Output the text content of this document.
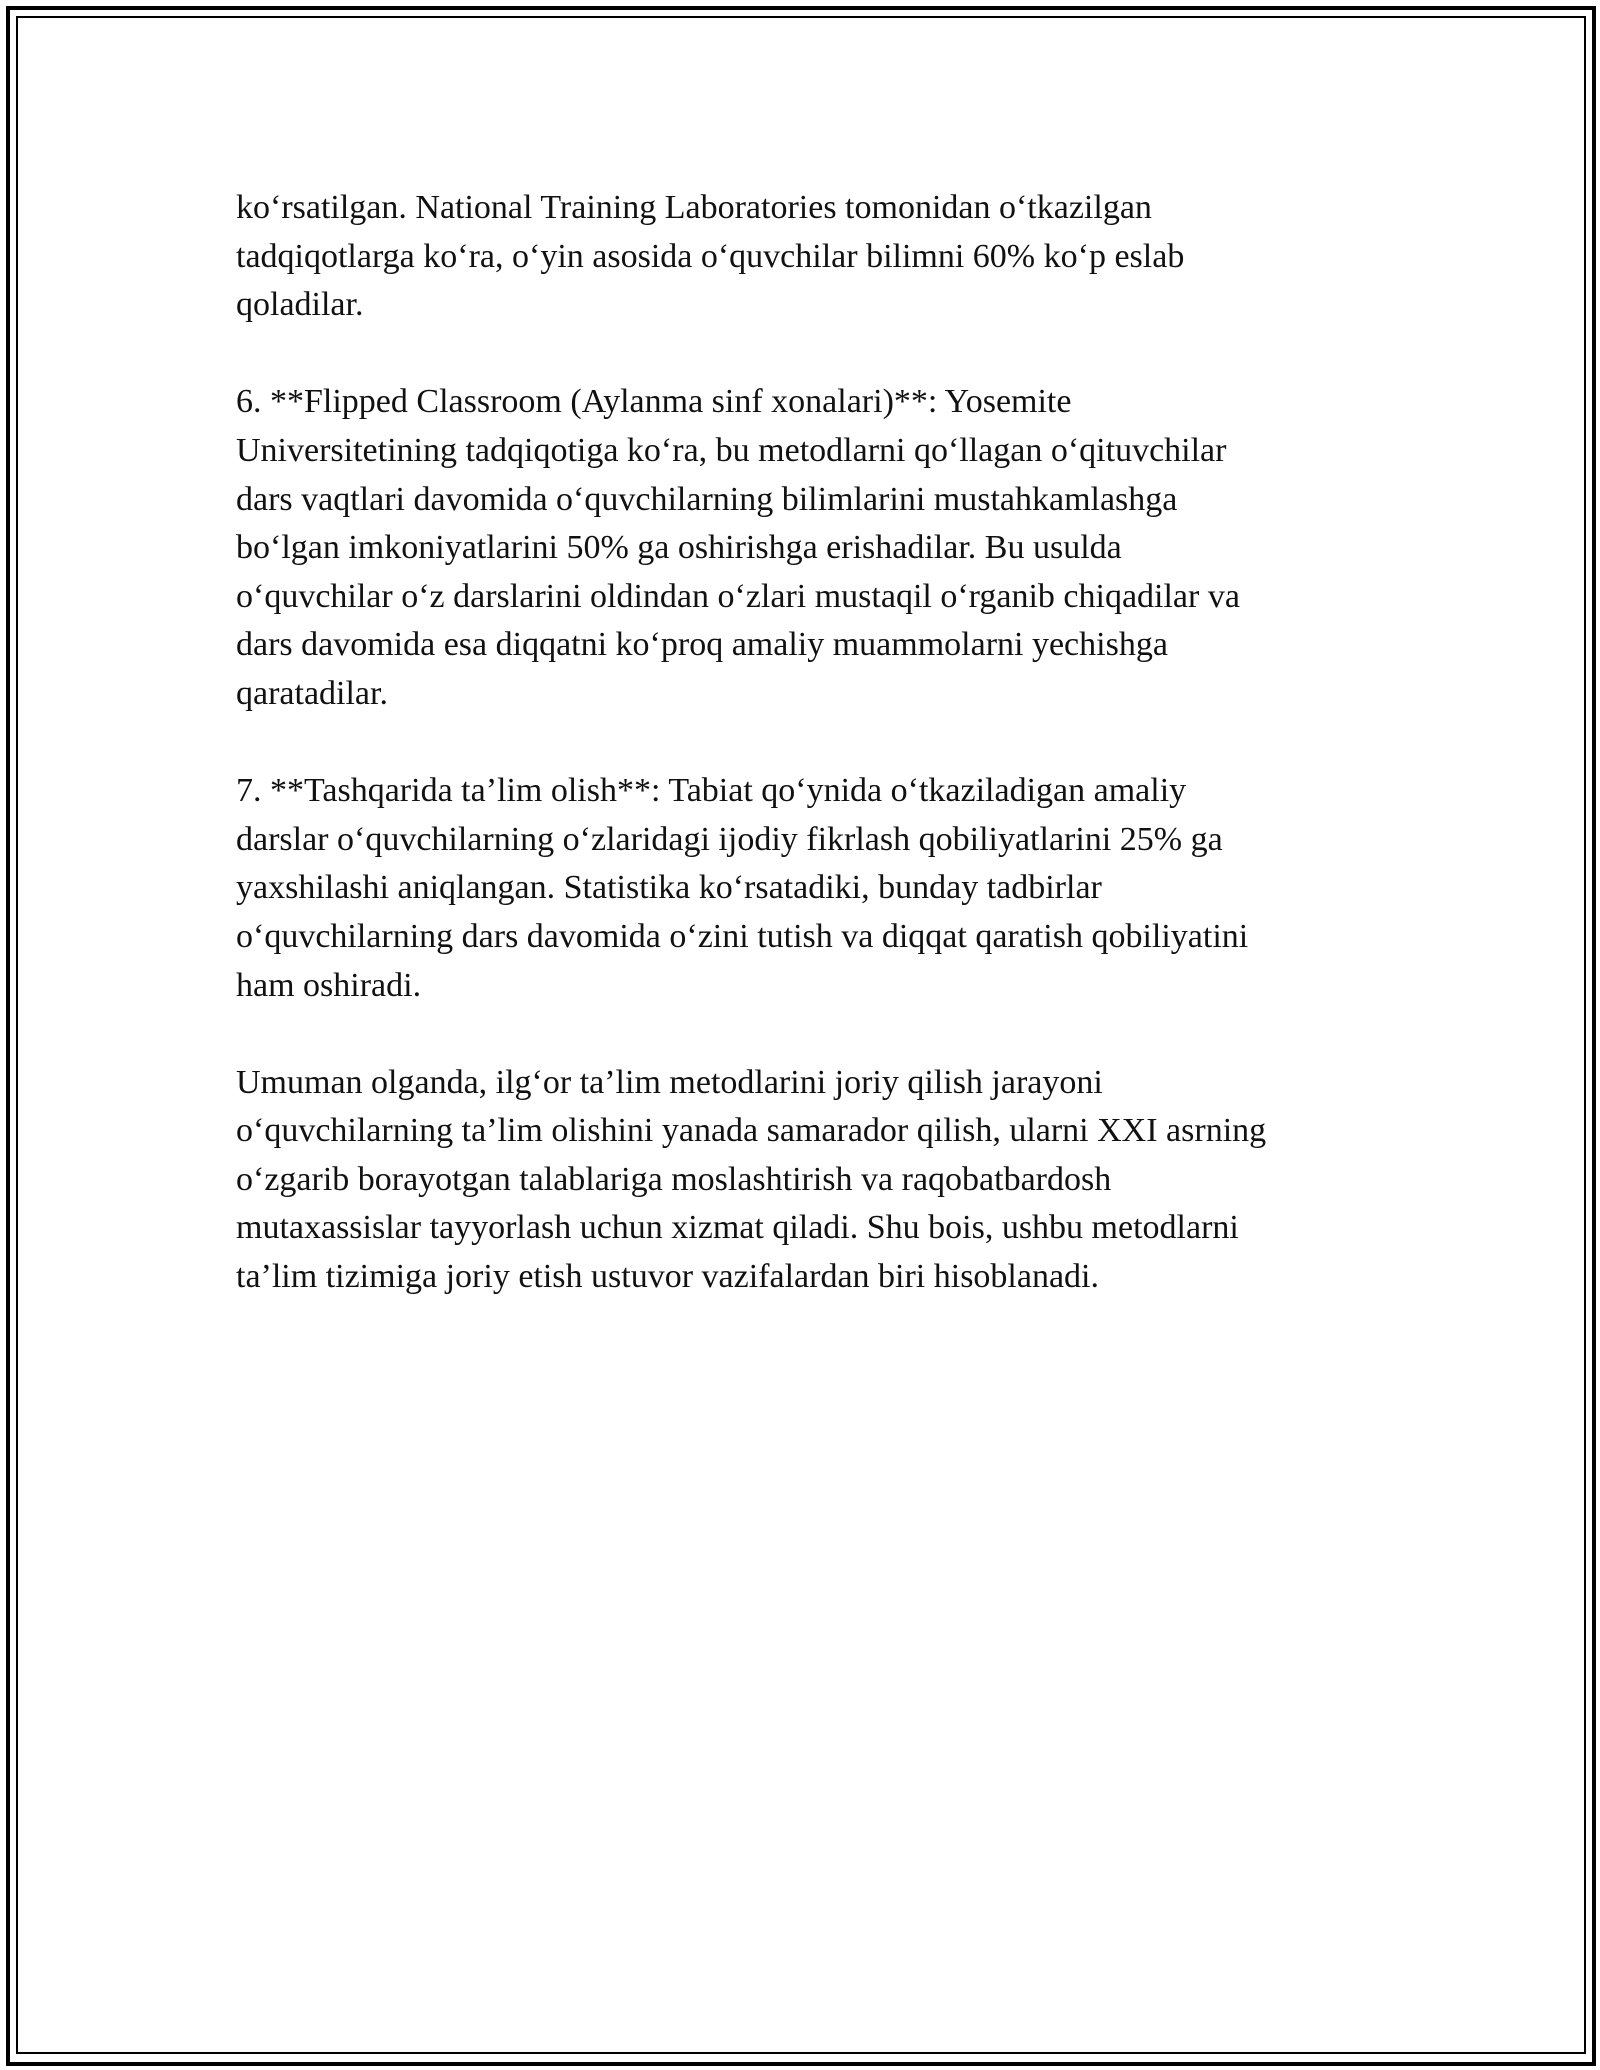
ko‘rsatilgan. National Training Laboratories tomonidan o‘tkazilgan
tadqiqotlarga ko‘ra, o‘yin asosida o‘quvchilar bilimni 60% ko‘p eslab
qoladilar.

6. **Flipped Classroom (Aylanma sinf xonalari)**: Yosemite
Universitetining tadqiqotiga ko‘ra, bu metodlarni qo‘llagan o‘qituvchilar
dars vaqtlari davomida o‘quvchilarning bilimlarini mustahkamlashga
bo‘lgan imkoniyatlarini 50% ga oshirishga erishadilar. Bu usulda
o‘quvchilar o‘z darslarini oldindan o‘zlari mustaqil o‘rganib chiqadilar va
dars davomida esa diqqatni ko‘proq amaliy muammolarni yechishga
qaratadilar.

7. **Tashqarida ta’lim olish**: Tabiat qo‘ynida o‘tkaziladigan amaliy
darslar o‘quvchilarning o‘zlaridagi ijodiy fikrlash qobiliyatlarini 25% ga
yaxshilashi aniqlangan. Statistika ko‘rsatadiki, bunday tadbirlar
o‘quvchilarning dars davomida o‘zini tutish va diqqat qaratish qobiliyatini
ham oshiradi.

Umuman olganda, ilg‘or ta’lim metodlarini joriy qilish jarayoni
o‘quvchilarning ta’lim olishini yanada samarador qilish, ularni XXI asrning
o‘zgarib borayotgan talablariga moslashtirish va raqobatbardosh
mutaxassislar tayyorlash uchun xizmat qiladi. Shu bois, ushbu metodlarni
ta’lim tizimiga joriy etish ustuvor vazifalardan biri hisoblanadi.
